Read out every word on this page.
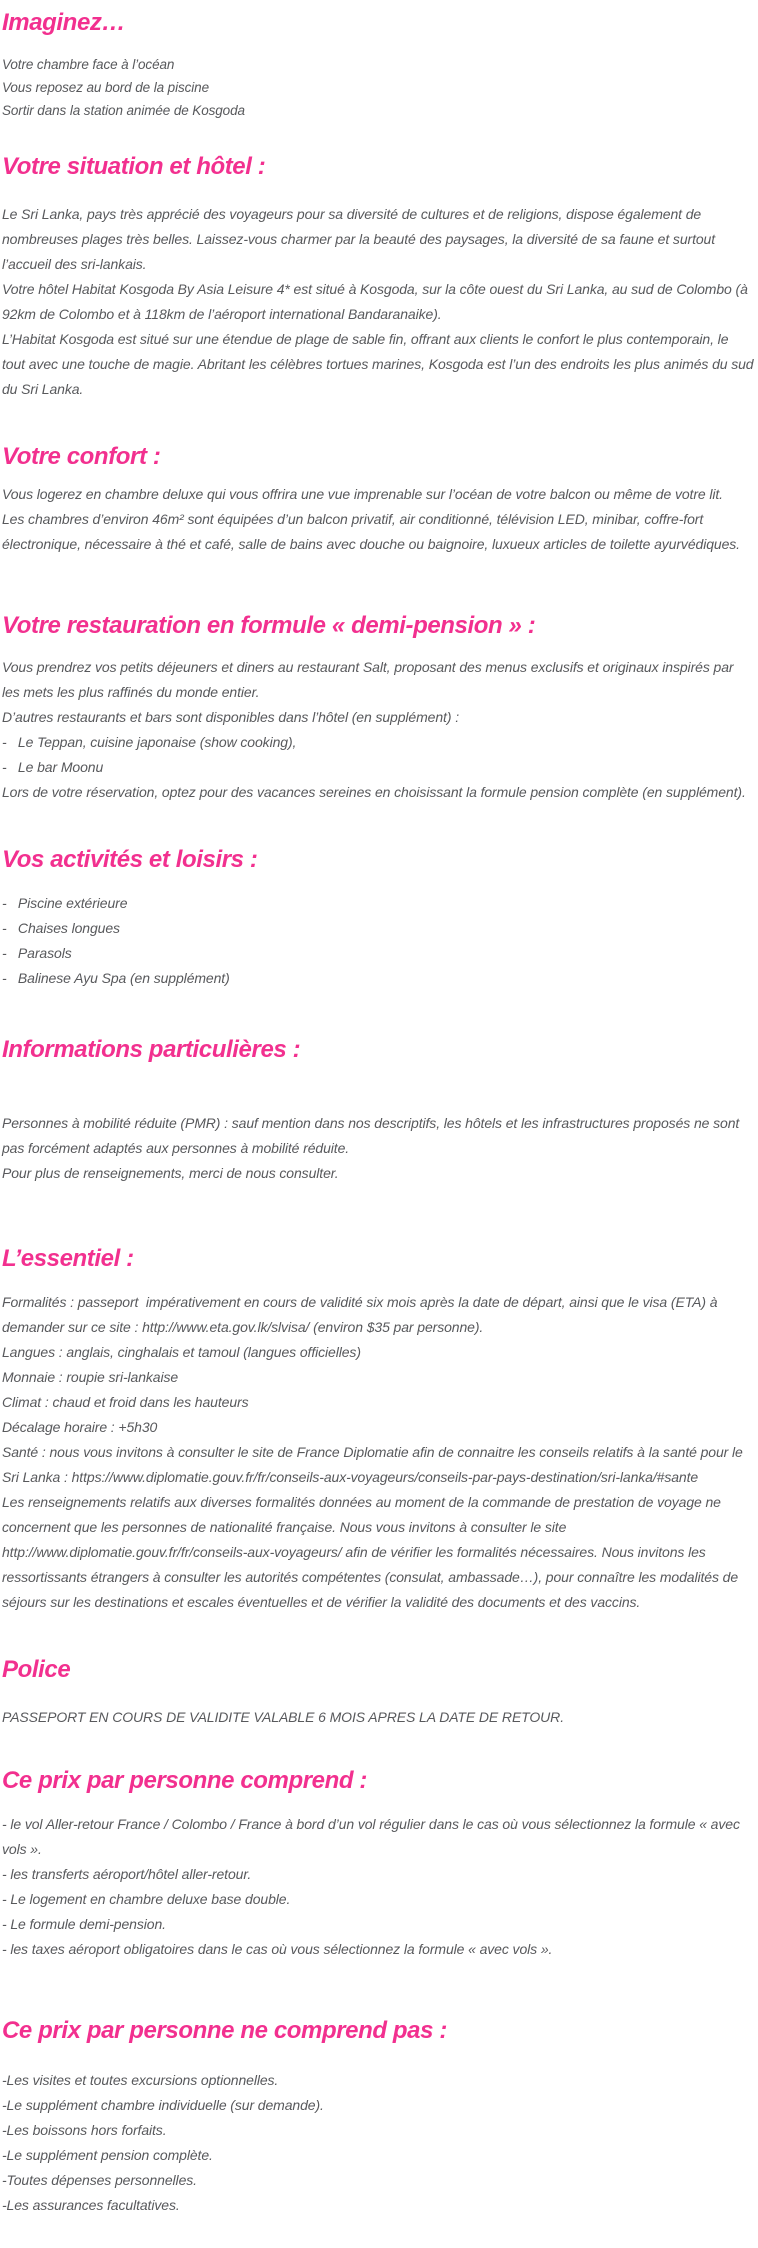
Imaginez…

Votre chambre face à l’océan

Vous reposez au bord de la piscine

Sortir dans la station animée de Kosgoda

Votre situation et hôtel :

Le Sri Lanka, pays très apprécié des voyageurs pour sa diversité de cultures et de religions, dispose également de nombreuses plages très belles. Laissez-vous charmer par la beauté des paysages, la diversité de sa faune et surtout l’accueil des sri-lankais.

Votre hôtel Habitat Kosgoda By Asia Leisure 4* est situé à Kosgoda, sur la côte ouest du Sri Lanka, au sud de Colombo (à 92km de Colombo et à 118km de l’aéroport international Bandaranaike).

L’Habitat Kosgoda est situé sur une étendue de plage de sable fin, offrant aux clients le confort le plus contemporain, le tout avec une touche de magie. Abritant les célèbres tortues marines, Kosgoda est l’un des endroits les plus animés du sud du Sri Lanka.

Votre confort :

Vous logerez en chambre deluxe qui vous offrira une vue imprenable sur l’océan de votre balcon ou même de votre lit.

Les chambres d’environ 46m² sont équipées d’un balcon privatif, air conditionné, télévision LED, minibar, coffre-fort électronique, nécessaire à thé et café, salle de bains avec douche ou baignoire, luxueux articles de toilette ayurvédiques.

Votre restauration en formule « demi-pension » :

Vous prendrez vos petits déjeuners et diners au restaurant Salt, proposant des menus exclusifs et originaux inspirés par les mets les plus raffinés du monde entier.

D’autres restaurants et bars sont disponibles dans l’hôtel (en supplément) :

-   Le Teppan, cuisine japonaise (show cooking),

-   Le bar Moonu

Lors de votre réservation, optez pour des vacances sereines en choisissant la formule pension complète (en supplément).

Vos activités et loisirs :

-   Piscine extérieure

-   Chaises longues

-   Parasols

-   Balinese Ayu Spa (en supplément)

Informations particulières :

Personnes à mobilité réduite (PMR) : sauf mention dans nos descriptifs, les hôtels et les infrastructures proposés ne sont pas forcément adaptés aux personnes à mobilité réduite.

Pour plus de renseignements, merci de nous consulter.

L’essentiel :

Formalités : passeport  impérativement en cours de validité six mois après la date de départ, ainsi que le visa (ETA) à demander sur ce site : http://www.eta.gov.lk/slvisa/ (environ $35 par personne).

Langues : anglais, cinghalais et tamoul (langues officielles)

Monnaie : roupie sri-lankaise

Climat : chaud et froid dans les hauteurs

Décalage horaire : +5h30

Santé : nous vous invitons à consulter le site de France Diplomatie afin de connaitre les conseils relatifs à la santé pour le Sri Lanka : https://www.diplomatie.gouv.fr/fr/conseils-aux-voyageurs/conseils-par-pays-destination/sri-lanka/#sante

Les renseignements relatifs aux diverses formalités données au moment de la commande de prestation de voyage ne concernent que les personnes de nationalité française. Nous vous invitons à consulter le site http://www.diplomatie.gouv.fr/fr/conseils-aux-voyageurs/ afin de vérifier les formalités nécessaires. Nous invitons les ressortissants étrangers à consulter les autorités compétentes (consulat, ambassade…), pour connaître les modalités de séjours sur les destinations et escales éventuelles et de vérifier la validité des documents et des vaccins.

Police

PASSEPORT EN COURS DE VALIDITE VALABLE 6 MOIS APRES LA DATE DE RETOUR.

Ce prix par personne comprend :

- le vol Aller-retour France / Colombo / France à bord d’un vol régulier dans le cas où vous sélectionnez la formule « avec vols ».

- les transferts aéroport/hôtel aller-retour.

- Le logement en chambre deluxe base double.

- Le formule demi-pension.

- les taxes aéroport obligatoires dans le cas où vous sélectionnez la formule « avec vols ».

Ce prix par personne ne comprend pas :

-Les visites et toutes excursions optionnelles.

-Le supplément chambre individuelle (sur demande).

-Les boissons hors forfaits.

-Le supplément pension complète.

-Toutes dépenses personnelles.

-Les assurances facultatives.
